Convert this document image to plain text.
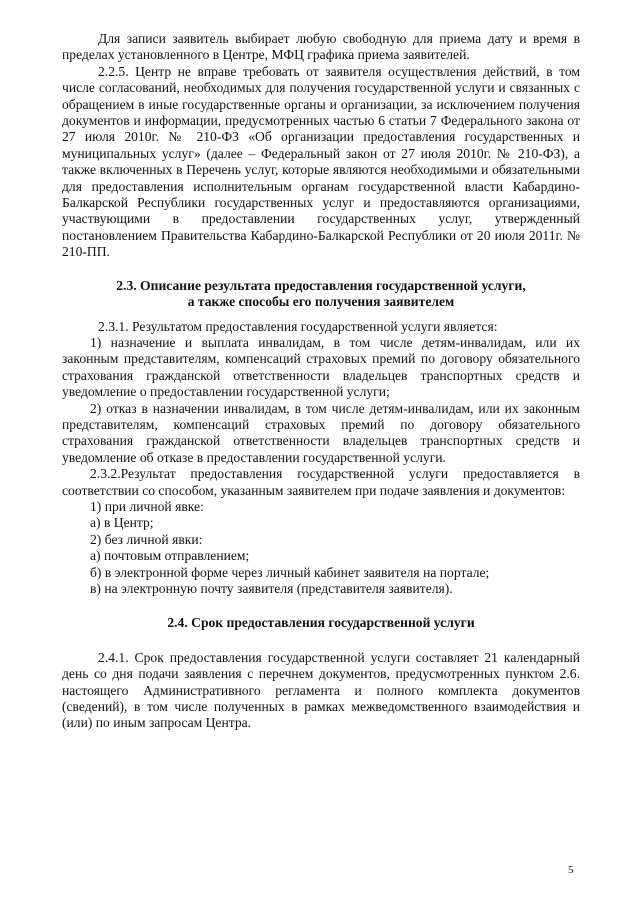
Для записи заявитель выбирает любую свободную для приема дату и время в пределах установленного в Центре, МФЦ графика приема заявителей.

2.2.5. Центр не вправе требовать от заявителя осуществления действий, в том числе согласований, необходимых для получения государственной услуги и связанных с обращением в иные государственные органы и организации, за исключением получения документов и информации, предусмотренных частью 6 статьи 7 Федерального закона от 27 июля 2010г. № 210-ФЗ «Об организации предоставления государственных и муниципальных услуг» (далее – Федеральный закон от 27 июля 2010г. № 210-ФЗ), а также включенных в Перечень услуг, которые являются необходимыми и обязательными для предоставления исполнительным органам государственной власти Кабардино-Балкарской Республики государственных услуг и предоставляются организациями, участвующими в предоставлении государственных услуг, утвержденный постановлением Правительства Кабардино-Балкарской Республики от 20 июля 2011г. № 210-ПП.

2.3. Описание результата предоставления государственной услуги,
а также способы его получения заявителем

2.3.1. Результатом предоставления государственной услуги является:

1) назначение и выплата инвалидам, в том числе детям-инвалидам, или их законным представителям, компенсаций страховых премий по договору обязательного страхования гражданской ответственности владельцев транспортных средств и уведомление о предоставлении государственной услуги;

2) отказ в назначении инвалидам, в том числе детям-инвалидам, или их законным представителям, компенсаций страховых премий по договору обязательного страхования гражданской ответственности владельцев транспортных средств и уведомление об отказе в предоставлении государственной услуги.

2.3.2.Результат предоставления государственной услуги предоставляется в соответствии со способом, указанным заявителем при подаче заявления и документов:

1) при личной явке:

а) в Центр;

2) без личной явки:

а) почтовым отправлением;

б) в электронной форме через личный кабинет заявителя на портале;

в) на электронную почту заявителя (представителя заявителя).

2.4. Срок предоставления государственной услуги

2.4.1. Срок предоставления государственной услуги составляет 21 календарный день со дня подачи заявления с перечнем документов, предусмотренных пунктом 2.6. настоящего Административного регламента и полного комплекта документов (сведений), в том числе полученных в рамках межведомственного взаимодействия и (или) по иным запросам Центра.

5
